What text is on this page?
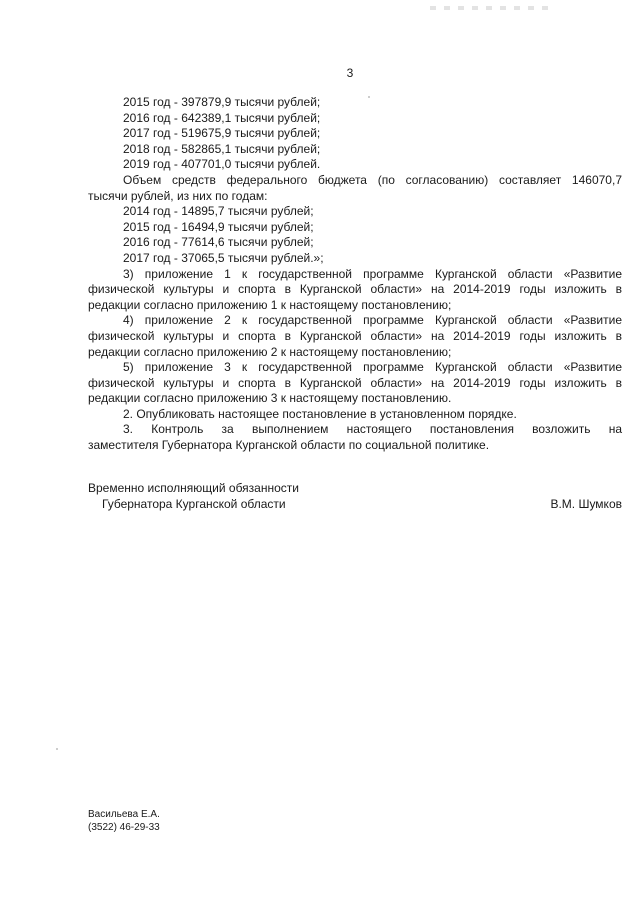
3
2015 год - 397879,9 тысячи рублей;
2016 год - 642389,1 тысячи рублей;
2017 год - 519675,9 тысячи рублей;
2018 год - 582865,1 тысячи рублей;
2019 год - 407701,0 тысячи рублей.
Объем средств федерального бюджета (по согласованию) составляет 146070,7
тысячи рублей, из них по годам:
2014 год - 14895,7 тысячи рублей;
2015 год - 16494,9 тысячи рублей;
2016 год - 77614,6 тысячи рублей;
2017 год - 37065,5 тысячи рублей.»;
3) приложение 1 к государственной программе Курганской области «Развитие
физической культуры и спорта в Курганской области» на 2014-2019 годы изложить в
редакции согласно приложению 1 к настоящему постановлению;
4) приложение 2 к государственной программе Курганской области «Развитие
физической культуры и спорта в Курганской области» на 2014-2019 годы изложить в
редакции согласно приложению 2 к настоящему постановлению;
5) приложение 3 к государственной программе Курганской области «Развитие
физической культуры и спорта в Курганской области» на 2014-2019 годы изложить в
редакции согласно приложению 3 к настоящему постановлению.
2. Опубликовать настоящее постановление в установленном порядке.
3. Контроль за выполнением настоящего постановления возложить на
заместителя Губернатора Курганской области по социальной политике.
Временно исполняющий обязанности
Губернатора Курганской области	В.М. Шумков
Васильева Е.А.
(3522) 46-29-33
